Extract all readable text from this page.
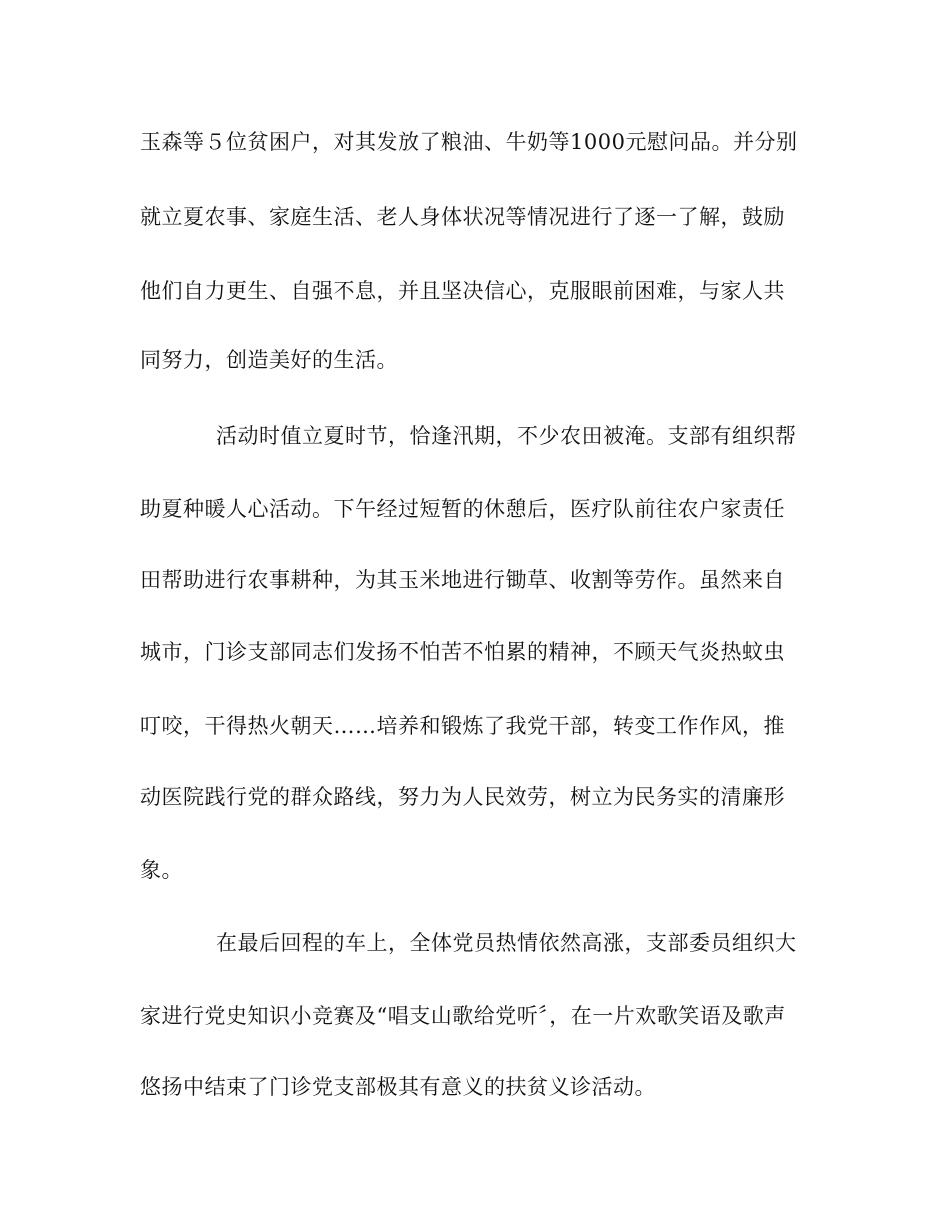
玉森等５位贫困户，对其发放了粮油、牛奶等1000元慰问品。并分别
就立夏农事、家庭生活、老人身体状况等情况进行了逐一了解，鼓励
他们自力更生、自强不息，并且坚决信心，克服眼前困难，与家人共
同努力，创造美好的生活。
活动时值立夏时节，恰逢汛期，不少农田被淹。支部有组织帮
助夏种暖人心活动。下午经过短暂的休憩后，医疗队前往农户家责任
田帮助进行农事耕种，为其玉米地进行锄草、收割等劳作。虽然来自
城市，门诊支部同志们发扬不怕苦不怕累的精神，不顾天气炎热蚊虫
叮咬，干得热火朝天……培养和锻炼了我党干部，转变工作作风，推
动医院践行党的群众路线，努力为人民效劳，树立为民务实的清廉形
象。
在最后回程的车上，全体党员热情依然高涨，支部委员组织大
家进行党史知识小竞赛及“唱支山歌给党听〞，在一片欢歌笑语及歌声
悠扬中结束了门诊党支部极其有意义的扶贫义诊活动。
